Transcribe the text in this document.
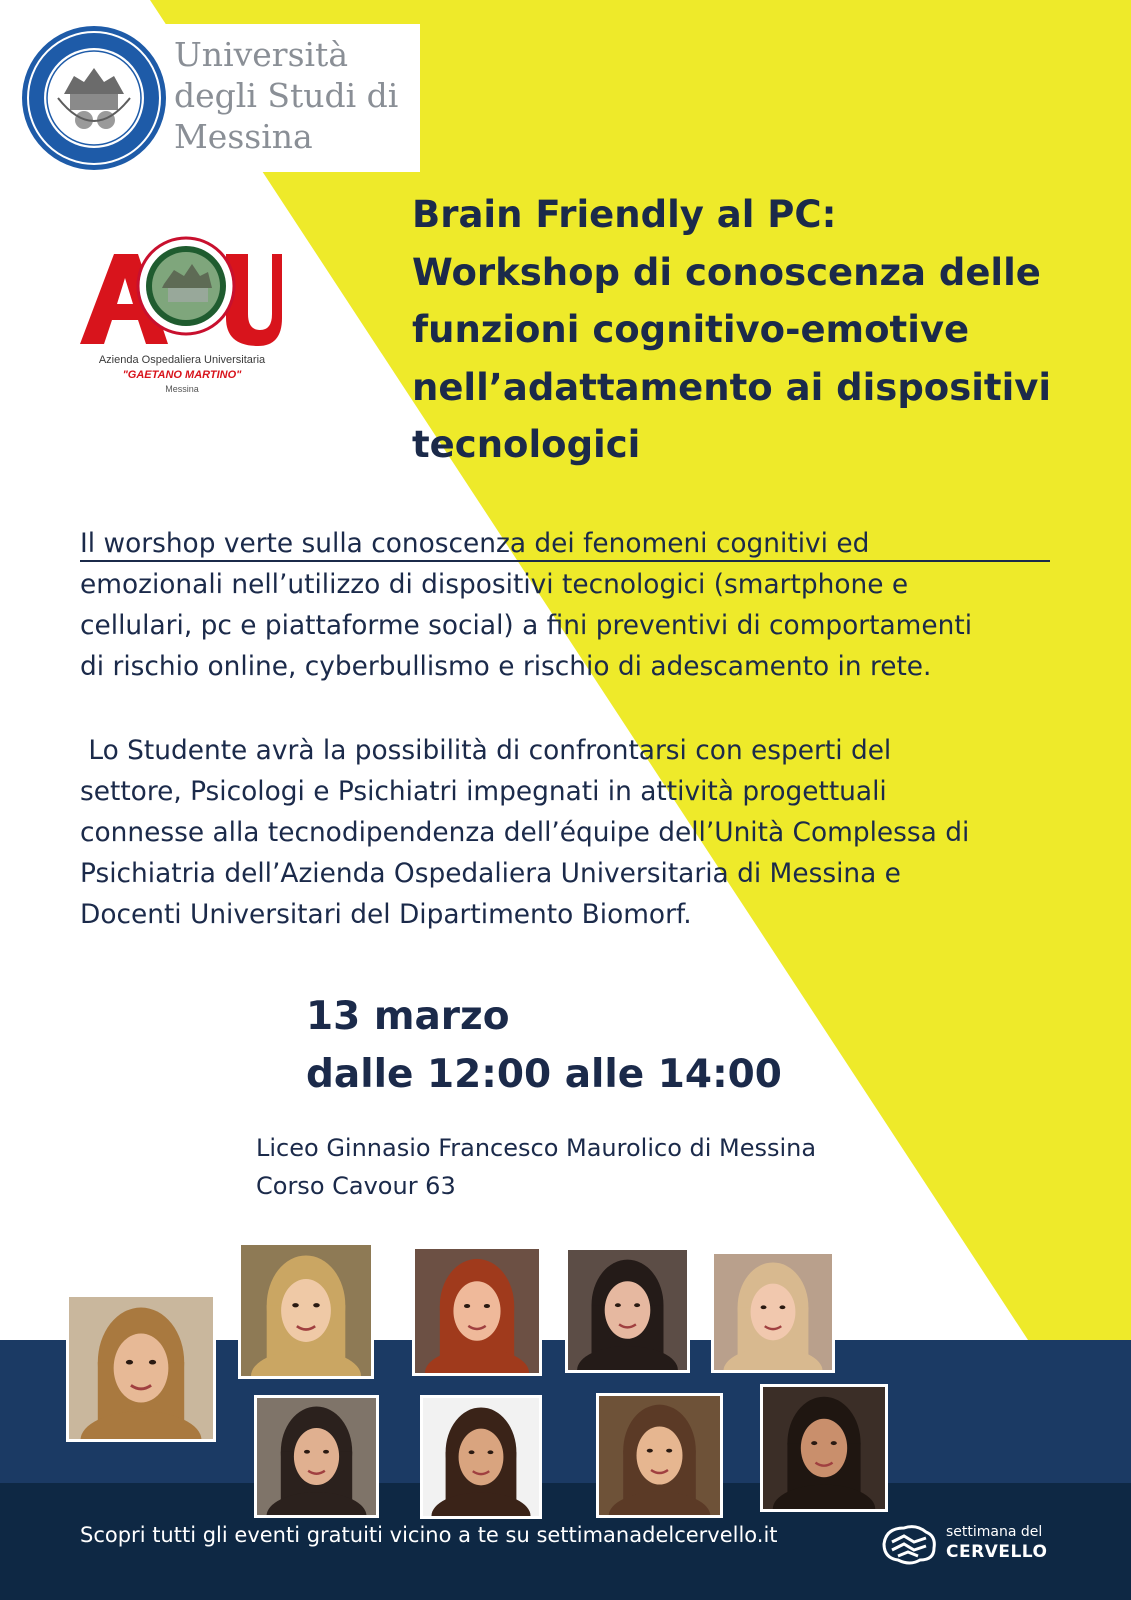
Università
degli Studi di
Messina
Azienda Ospedaliera Universitaria
"GAETANO MARTINO"
Messina
Brain Friendly al PC:
Workshop di conoscenza delle
funzioni cognitivo-emotive
nell’adattamento ai dispositivi
tecnologici
Il worshop verte sulla conoscenza dei fenomeni cognitivi ed
emozionali nell’utilizzo di dispositivi tecnologici (smartphone e
cellulari, pc e piattaforme social) a fini preventivi di comportamenti
di rischio online, cyberbullismo e rischio di adescamento in rete.
Lo Studente avrà la possibilità di confrontarsi con esperti del
settore, Psicologi e Psichiatri impegnati in attività progettuali
connesse alla tecnodipendenza dell’équipe dell’Unità Complessa di
Psichiatria dell’Azienda Ospedaliera Universitaria di Messina e
Docenti Universitari del Dipartimento Biomorf.
13 marzo
dalle 12:00 alle 14:00
Liceo Ginnasio Francesco Maurolico di Messina
Corso Cavour 63
Scopri tutti gli eventi gratuiti vicino a te su settimanadelcervello.it	settimana del
CERVELLO
